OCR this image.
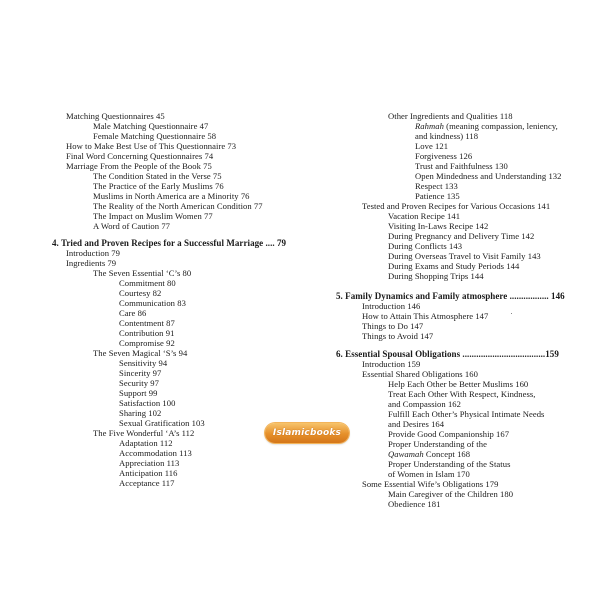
Matching Questionnaires 45
Male Matching Questionnaire 47
Female Matching Questionnaire 58
How to Make Best Use of This Questionnaire 73
Final Word Concerning Questionnaires 74
Marriage From the People of the Book 75
The Condition Stated in the Verse 75
The Practice of the Early Muslims 76
Muslims in North America are a Minority 76
The Reality of the North American Condition 77
The Impact on Muslim Women 77
A Word of Caution 77
4. Tried and Proven Recipes for a Successful Marriage .... 79
Introduction 79
Ingredients 79
The Seven Essential ‘C’s 80
Commitment 80
Courtesy 82
Communication 83
Care 86
Contentment 87
Contribution 91
Compromise 92
The Seven Magical ‘S’s 94
Sensitivity 94
Sincerity 97
Security 97
Support 99
Satisfaction 100
Sharing 102
Sexual Gratification 103
The Five Wonderful ‘A’s 112
Adaptation 112
Accommodation 113
Appreciation 113
Anticipation 116
Acceptance 117
Other Ingredients and Qualities 118
Rahmah (meaning compassion, leniency,
and kindness) 118
Love 121
Forgiveness 126
Trust and Faithfulness 130
Open Mindedness and Understanding 132
Respect 133
Patience 135
Tested and Proven Recipes for Various Occasions 141
Vacation Recipe 141
Visiting In-Laws Recipe 142
During Pregnancy and Delivery Time 142
During Conflicts 143
During Overseas Travel to Visit Family 143
During Exams and Study Periods 144
During Shopping Trips 144
5. Family Dynamics and Family atmosphere ................. 146
Introduction 146
How to Attain This Atmosphere 147
Things to Do 147
Things to Avoid 147
6. Essential Spousal Obligations ....................................159
Introduction 159
Essential Shared Obligations 160
Help Each Other be Better Muslims 160
Treat Each Other With Respect, Kindness,
and Compassion 162
Fulfill Each Other’s Physical Intimate Needs
and Desires 164
Provide Good Companionship 167
Proper Understanding of the
Qawamah Concept 168
Proper Understanding of the Status
of Women in Islam 170
Some Essential Wife’s Obligations 179
Main Caregiver of the Children 180
Obedience 181
Islamicbooks
